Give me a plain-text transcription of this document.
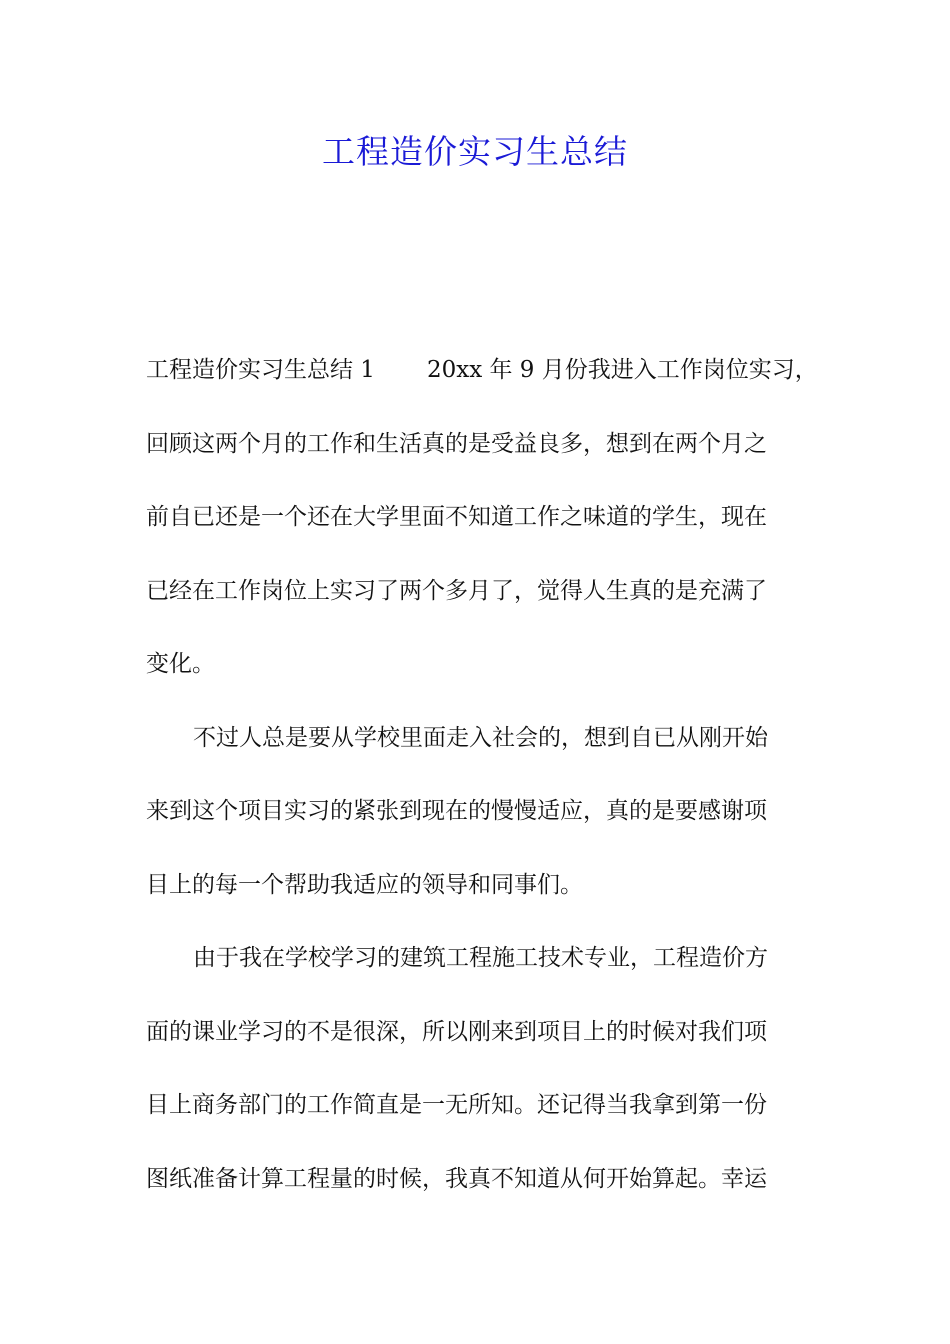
工程造价实习生总结
工程造价实习生总结 1 20xx 年 9 月份我进入工作岗位实习，
回顾这两个月的工作和生活真的是受益良多，想到在两个月之
前自已还是一个还在大学里面不知道工作之味道的学生，现在
已经在工作岗位上实习了两个多月了，觉得人生真的是充满了
变化。
不过人总是要从学校里面走入社会的，想到自已从刚开始
来到这个项目实习的紧张到现在的慢慢适应，真的是要感谢项
目上的每一个帮助我适应的领导和同事们。
由于我在学校学习的建筑工程施工技术专业，工程造价方
面的课业学习的不是很深，所以刚来到项目上的时候对我们项
目上商务部门的工作简直是一无所知。还记得当我拿到第一份
图纸准备计算工程量的时候，我真不知道从何开始算起。幸运
